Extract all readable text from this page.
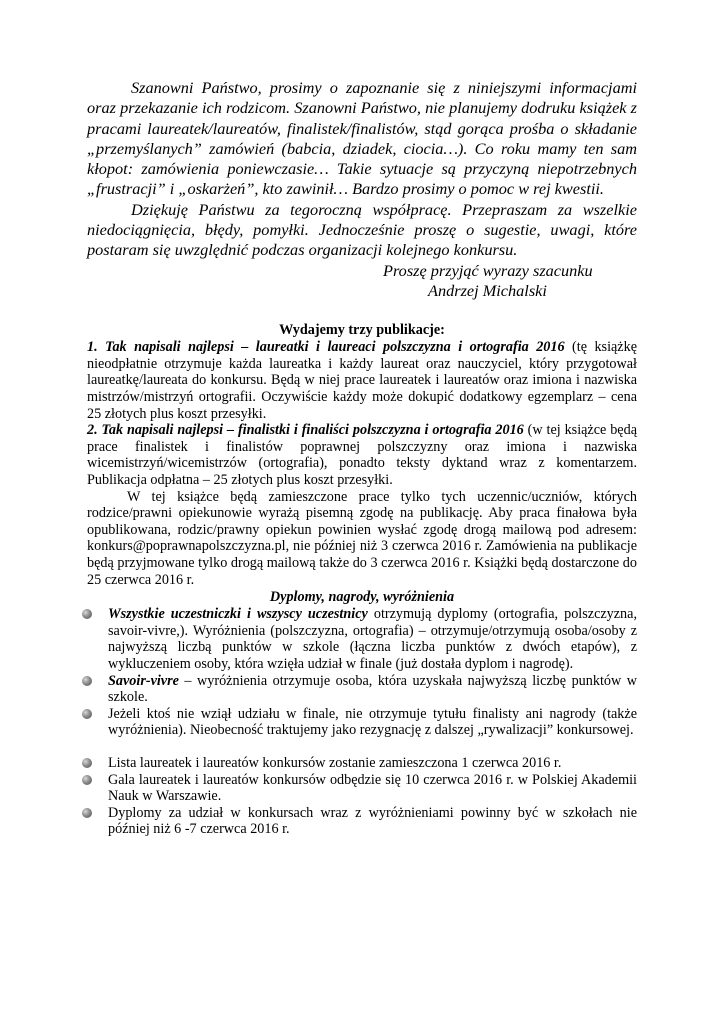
Szanowni Państwo, prosimy o zapoznanie się z niniejszymi informacjami oraz przekazanie ich rodzicom. Szanowni Państwo, nie planujemy dodruku książek z pracami laureatek/laureatów, finalistek/finalistów, stąd gorąca prośba o składanie „przemyślanych” zamówień (babcia, dziadek, ciocia…). Co roku mamy ten sam kłopot: zamówienia poniewczasie… Takie sytuacje są przyczyną niepotrzebnych „frustracji” i „oskarżeń”, kto zawinił… Bardzo prosimy o pomoc w rej kwestii.

Dziękuję Państwu za tegoroczną współpracę. Przepraszam za wszelkie niedociągnięcia, błędy, pomyłki. Jednocześnie proszę o sugestie, uwagi, które postaram się uwzględnić podczas organizacji kolejnego konkursu.

Proszę przyjąć wyrazy szacunku
Andrzej Michalski
Wydajemy trzy publikacje:

1. Tak napisali najlepsi – laureatki i laureaci polszczyzna i ortografia 2016 (tę książkę nieodpłatnie otrzymuje każda laureatka i każdy laureat oraz nauczyciel, który przygotował laureatkę/laureata do konkursu. Będą w niej prace laureatek i laureatów oraz imiona i nazwiska mistrzów/mistrzyń ortografii. Oczywiście każdy może dokupić dodatkowy egzemplarz – cena 25 złotych plus koszt przesyłki.

2. Tak napisali najlepsi – finalistki i finaliści polszczyzna i ortografia 2016 (w tej książce będą prace finalistek i finalistów poprawnej polszczyzny oraz imiona i nazwiska wicemistrzyń/wicemistrzów (ortografia), ponadto teksty dyktand wraz z komentarzem. Publikacja odpłatna – 25 złotych plus koszt przesyłki.

W tej książce będą zamieszczone prace tylko tych uczennic/uczniów, których rodzice/prawni opiekunowie wyrażą pisemną zgodę na publikację. Aby praca finałowa była opublikowana, rodzic/prawny opiekun powinien wysłać zgodę drogą mailową pod adresem: konkurs@poprawnapolszczyzna.pl, nie później niż 3 czerwca 2016 r. Zamówienia na publikacje będą przyjmowane tylko drogą mailową także do 3 czerwca 2016 r. Książki będą dostarczone do 25 czerwca 2016 r.

Dyplomy, nagrody, wyróżnienia
Wszystkie uczestniczki i wszyscy uczestnicy otrzymują dyplomy (ortografia, polszczyzna, savoir-vivre,). Wyróżnienia (polszczyzna, ortografia) – otrzymuje/otrzymują osoba/osoby z najwyższą liczbą punktów w szkole (łączna liczba punktów z dwóch etapów), z wykluczeniem osoby, która wzięła udział w finale (już dostała dyplom i nagrodę).
Savoir-vivre – wyróżnienia otrzymuje osoba, która uzyskała najwyższą liczbę punktów w szkole.
Jeżeli ktoś nie wziął udziału w finale, nie otrzymuje tytułu finalisty ani nagrody (także wyróżnienia). Nieobecność traktujemy jako rezygnację z dalszej „rywalizacji” konkursowej.
Lista laureatek i laureatów konkursów zostanie zamieszczona 1 czerwca 2016 r.
Gala laureatek i laureatów konkursów odbędzie się 10 czerwca 2016 r. w Polskiej Akademii Nauk w Warszawie.
Dyplomy za udział w konkursach wraz z wyróżnieniami powinny być w szkołach nie później niż 6 -7 czerwca 2016 r.
